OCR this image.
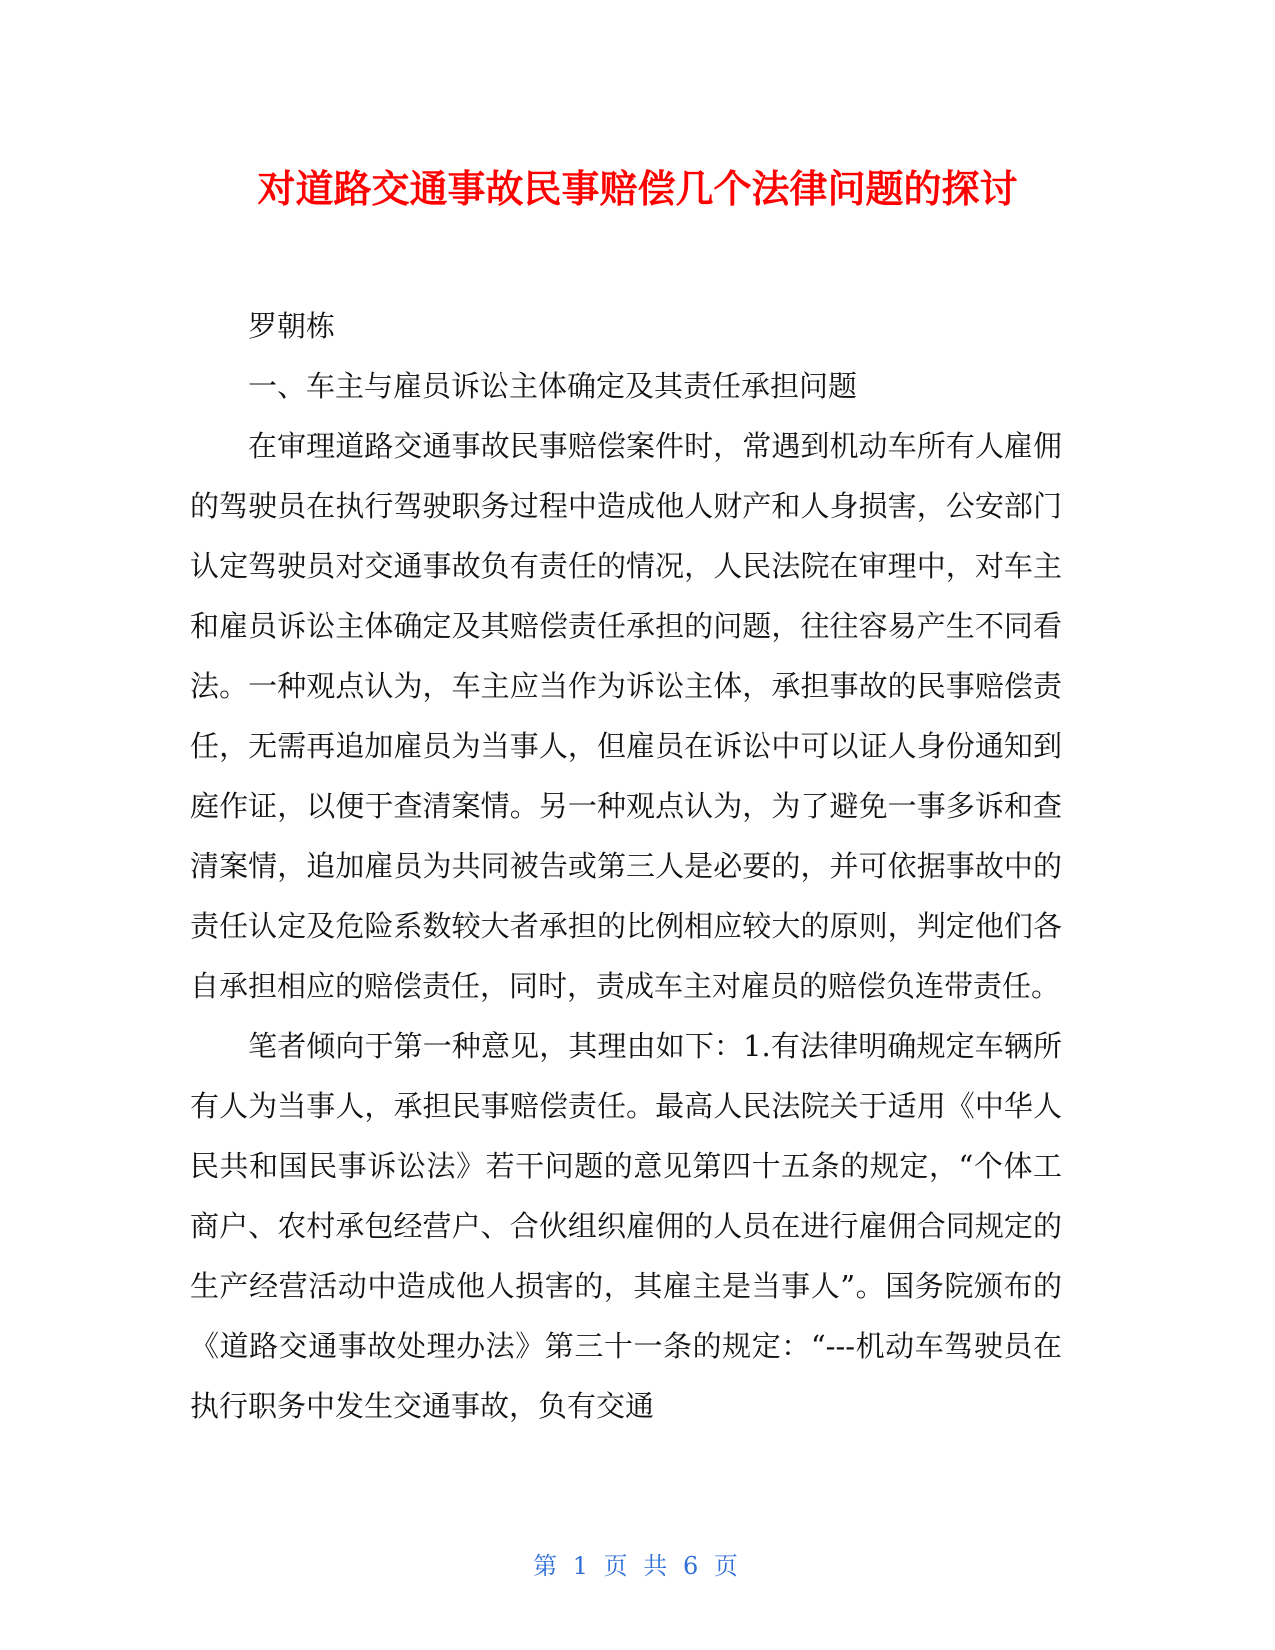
对道路交通事故民事赔偿几个法律问题的探讨

罗朝栋

一、车主与雇员诉讼主体确定及其责任承担问题

在审理道路交通事故民事赔偿案件时，常遇到机动车所有人雇佣的驾驶员在执行驾驶职务过程中造成他人财产和人身损害，公安部门认定驾驶员对交通事故负有责任的情况，人民法院在审理中，对车主和雇员诉讼主体确定及其赔偿责任承担的问题，往往容易产生不同看法。一种观点认为，车主应当作为诉讼主体，承担事故的民事赔偿责任，无需再追加雇员为当事人，但雇员在诉讼中可以证人身份通知到庭作证，以便于查清案情。另一种观点认为，为了避免一事多诉和查清案情，追加雇员为共同被告或第三人是必要的，并可依据事故中的责任认定及危险系数较大者承担的比例相应较大的原则，判定他们各自承担相应的赔偿责任，同时，责成车主对雇员的赔偿负连带责任。

笔者倾向于第一种意见，其理由如下：1.有法律明确规定车辆所有人为当事人，承担民事赔偿责任。最高人民法院关于适用《中华人民共和国民事诉讼法》若干问题的意见第四十五条的规定，“个体工商户、农村承包经营户、合伙组织雇佣的人员在进行雇佣合同规定的生产经营活动中造成他人损害的，其雇主是当事人”。国务院颁布的《道路交通事故处理办法》第三十一条的规定：“---机动车驾驶员在执行职务中发生交通事故，负有交通

第 1 页 共 6 页
